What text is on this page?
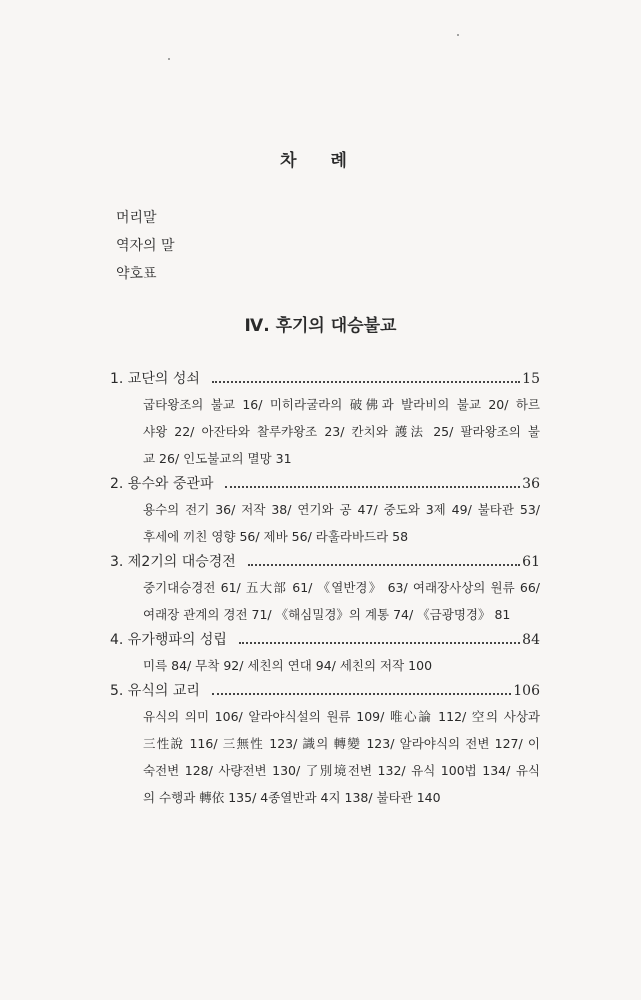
차 례
머리말
역자의 말
약호표
Ⅳ. 후기의 대승불교
1. 교단의 성쇠	15
굽타왕조의 불교 16/ 미히라굴라의 破佛과 발라비의 불교 20/ 하르
샤왕 22/ 아잔타와 찰루캬왕조 23/ 칸치와 護法 25/ 팔라왕조의 불
교 26/ 인도불교의 멸망 31
2. 용수와 중관파	36
용수의 전기 36/ 저작 38/ 연기와 공 47/ 중도와 3제 49/ 불타관 53/
후세에 끼친 영향 56/ 제바 56/ 라훌라바드라 58
3. 제2기의 대승경전	61
중기대승경전 61/ 五大部 61/ 《열반경》 63/ 여래장사상의 원류 66/
여래장 관계의 경전 71/ 《해심밀경》의 계통 74/ 《금광명경》 81
4. 유가행파의 성립	84
미륵 84/ 무착 92/ 세친의 연대 94/ 세친의 저작 100
5. 유식의 교리	106
유식의 의미 106/ 알라야식설의 원류 109/ 唯心論 112/ 空의 사상과
三性說 116/ 三無性 123/ 識의 轉變 123/ 알라야식의 전변 127/ 이
숙전변 128/ 사량전변 130/ 了別境전변 132/ 유식 100법 134/ 유식
의 수행과 轉依 135/ 4종열반과 4지 138/ 불타관 140
